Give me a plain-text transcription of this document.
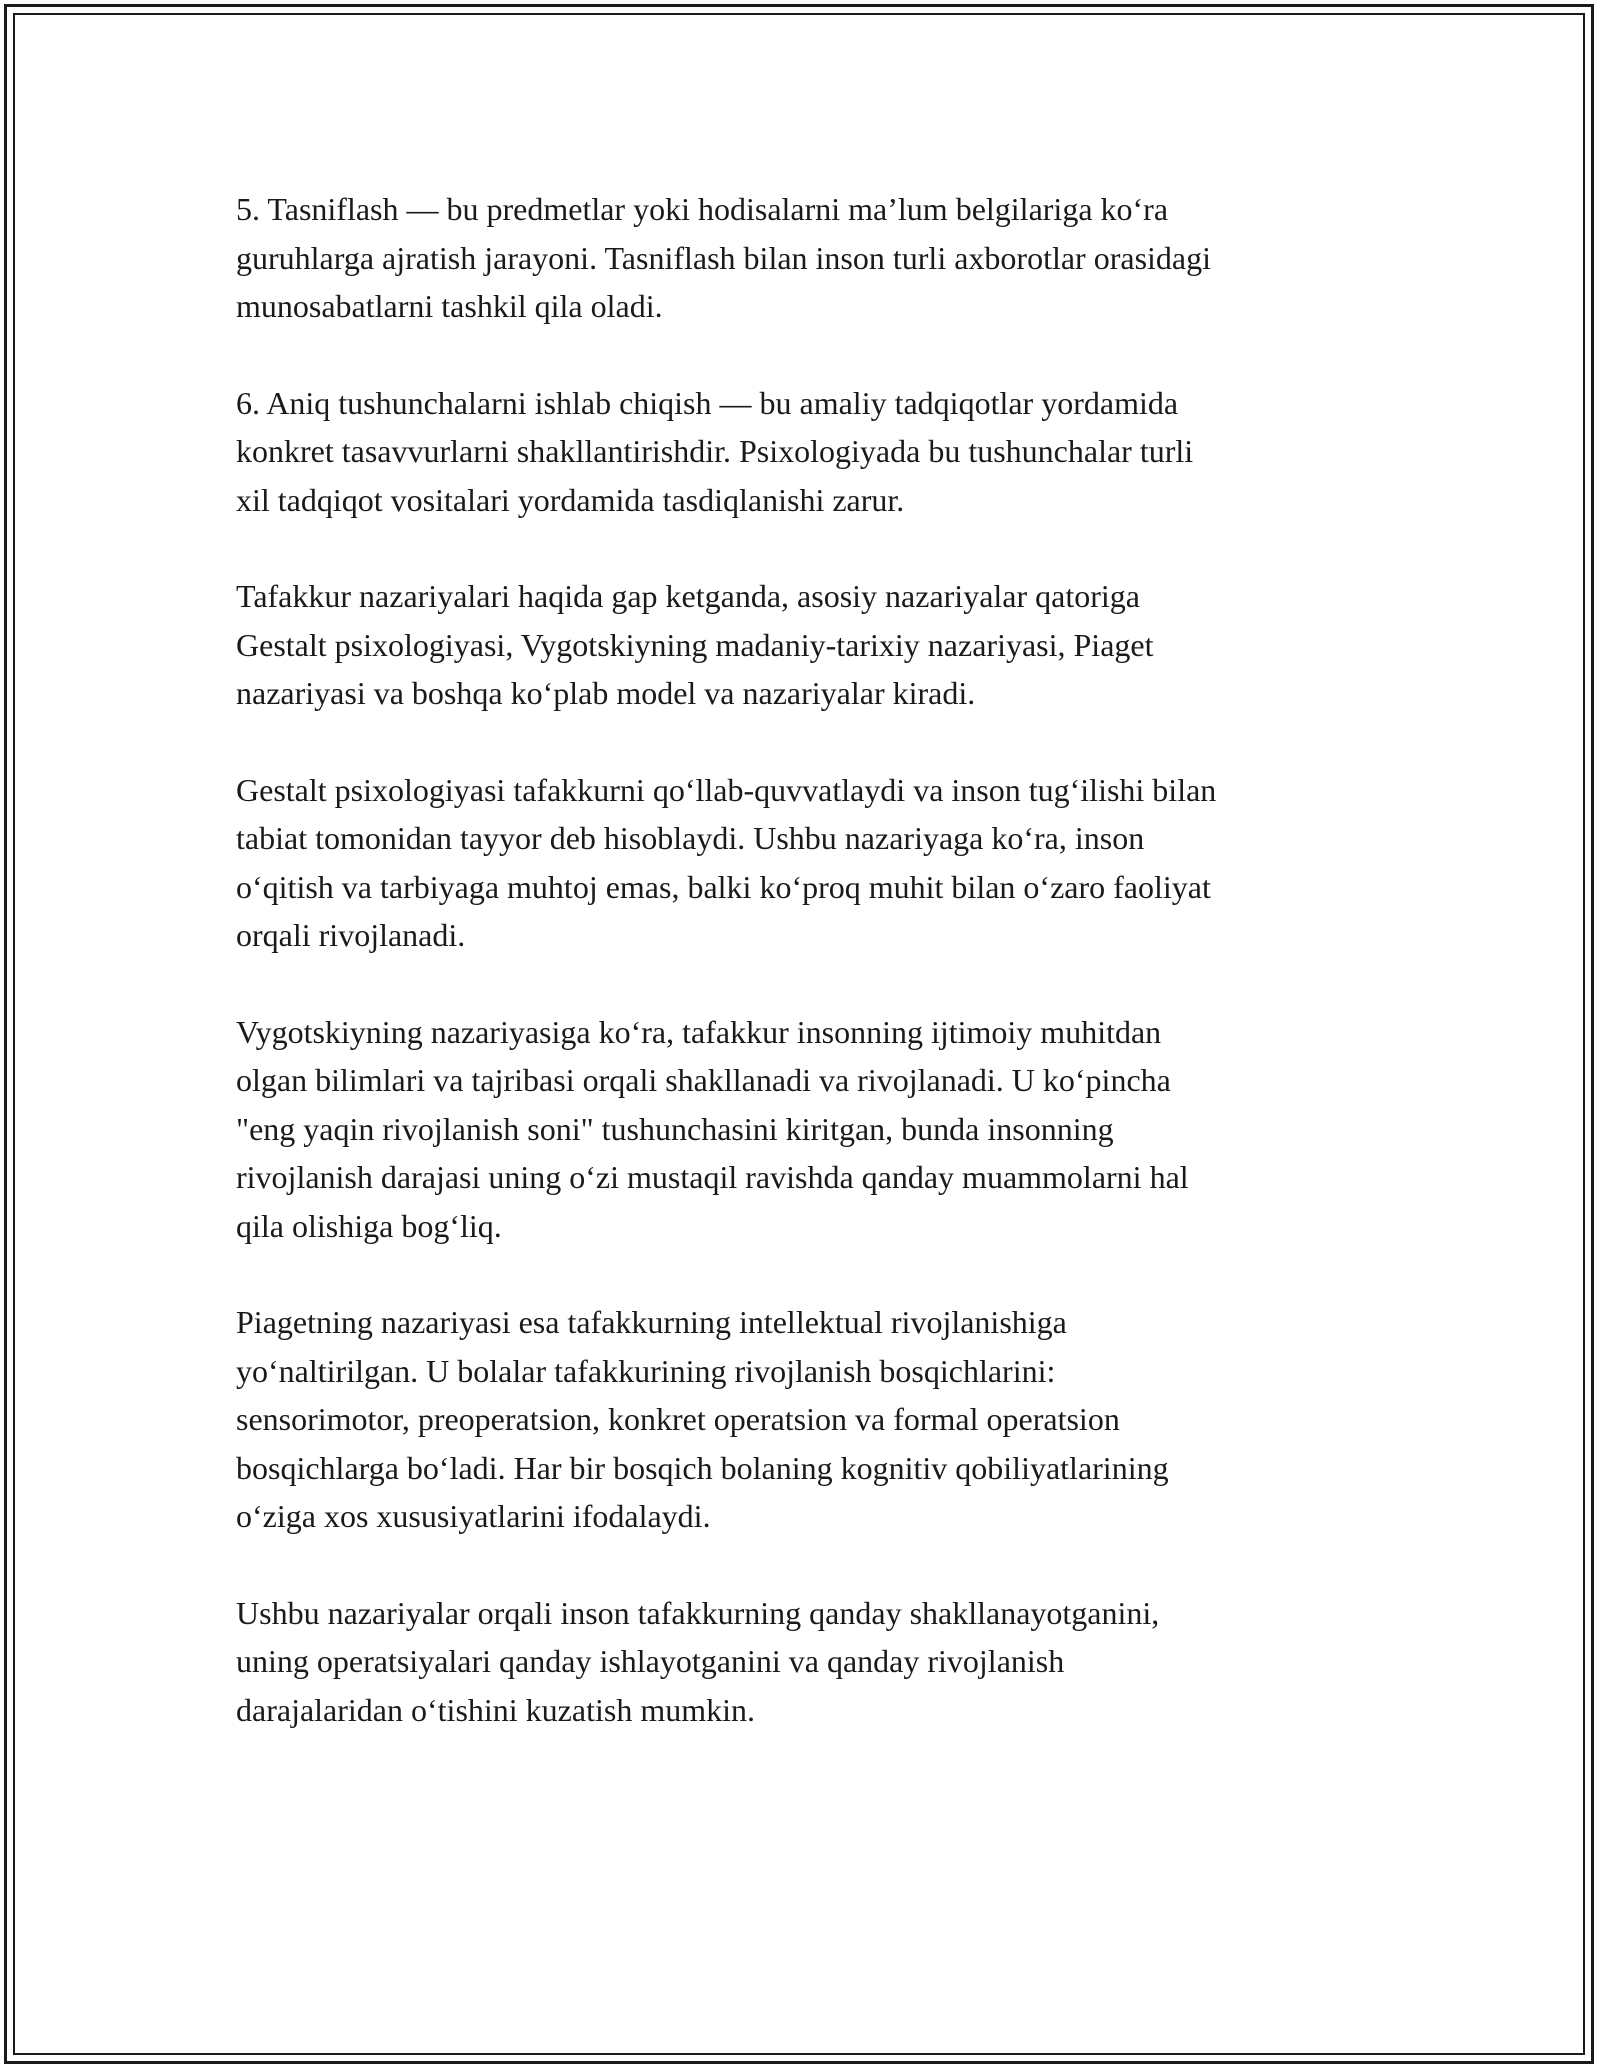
5. Tasniflash — bu predmetlar yoki hodisalarni ma’lum belgilariga ko‘ra
guruhlarga ajratish jarayoni. Tasniflash bilan inson turli axborotlar orasidagi
munosabatlarni tashkil qila oladi.

6. Aniq tushunchalarni ishlab chiqish — bu amaliy tadqiqotlar yordamida
konkret tasavvurlarni shakllantirishdir. Psixologiyada bu tushunchalar turli
xil tadqiqot vositalari yordamida tasdiqlanishi zarur.

Tafakkur nazariyalari haqida gap ketganda, asosiy nazariyalar qatoriga
Gestalt psixologiyasi, Vygotskiyning madaniy-tarixiy nazariyasi, Piaget
nazariyasi va boshqa ko‘plab model va nazariyalar kiradi.

Gestalt psixologiyasi tafakkurni qo‘llab-quvvatlaydi va inson tug‘ilishi bilan
tabiat tomonidan tayyor deb hisoblaydi. Ushbu nazariyaga ko‘ra, inson
o‘qitish va tarbiyaga muhtoj emas, balki ko‘proq muhit bilan o‘zaro faoliyat
orqali rivojlanadi.

Vygotskiyning nazariyasiga ko‘ra, tafakkur insonning ijtimoiy muhitdan
olgan bilimlari va tajribasi orqali shakllanadi va rivojlanadi. U ko‘pincha
"eng yaqin rivojlanish soni" tushunchasini kiritgan, bunda insonning
rivojlanish darajasi uning o‘zi mustaqil ravishda qanday muammolarni hal
qila olishiga bog‘liq.

Piagetning nazariyasi esa tafakkurning intellektual rivojlanishiga
yo‘naltirilgan. U bolalar tafakkurining rivojlanish bosqichlarini:
sensorimotor, preoperatsion, konkret operatsion va formal operatsion
bosqichlarga bo‘ladi. Har bir bosqich bolaning kognitiv qobiliyatlarining
o‘ziga xos xususiyatlarini ifodalaydi.

Ushbu nazariyalar orqali inson tafakkurning qanday shakllanayotganini,
uning operatsiyalari qanday ishlayotganini va qanday rivojlanish
darajalaridan o‘tishini kuzatish mumkin.
